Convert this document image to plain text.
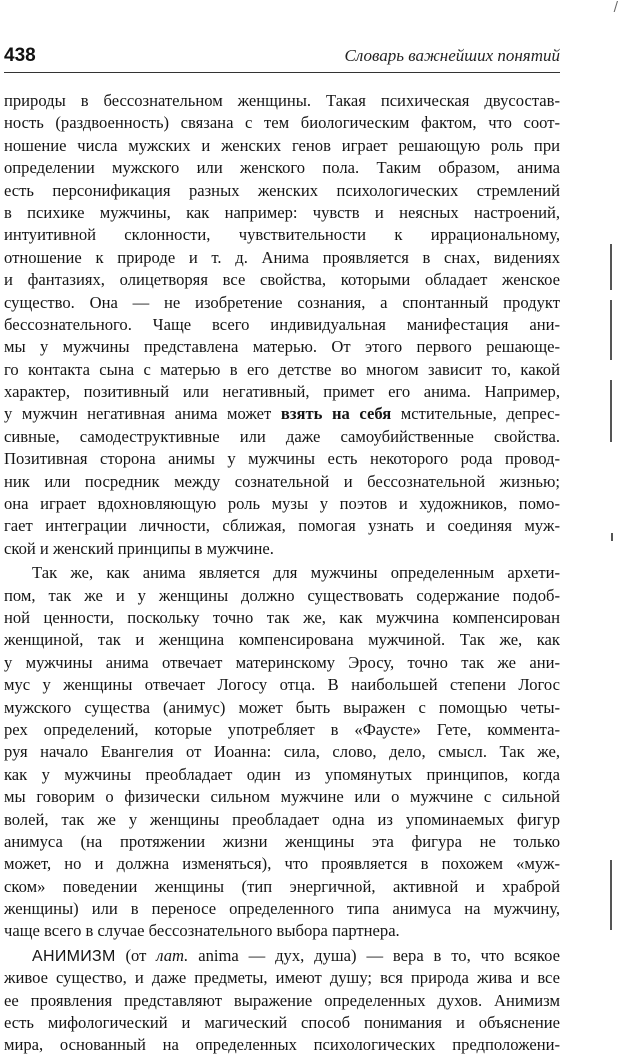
/
438	Словарь важнейших понятий
природы в бессознательном женщины. Такая психическая двусостав-
ность (раздвоенность) связана с тем биологическим фактом, что соот-
ношение числа мужских и женских генов играет решающую роль при
определении мужского или женского пола. Таким образом, анима
есть персонификация разных женских психологических стремлений
в психике мужчины, как например: чувств и неясных настроений,
интуитивной склонности, чувствительности к иррациональному,
отношение к природе и т. д. Анима проявляется в снах, видениях
и фантазиях, олицетворяя все свойства, которыми обладает женское
существо. Она — не изобретение сознания, а спонтанный продукт
бессознательного. Чаще всего индивидуальная манифестация ани-
мы у мужчины представлена матерью. От этого первого решающе-
го контакта сына с матерью в его детстве во многом зависит то, какой
характер, позитивный или негативный, примет его анима. Например,
у мужчин негативная анима может взять на себя мстительные, депрес-
сивные, самодеструктивные или даже самоубийственные свойства.
Позитивная сторона анимы у мужчины есть некоторого рода провод-
ник или посредник между сознательной и бессознательной жизнью;
она играет вдохновляющую роль музы у поэтов и художников, помо-
гает интеграции личности, сближая, помогая узнать и соединяя муж-
ской и женский принципы в мужчине.
Так же, как анима является для мужчины определенным архети-
пом, так же и у женщины должно существовать содержание подоб-
ной ценности, поскольку точно так же, как мужчина компенсирован
женщиной, так и женщина компенсирована мужчиной. Так же, как
у мужчины анима отвечает материнскому Эросу, точно так же ани-
мус у женщины отвечает Логосу отца. В наибольшей степени Логос
мужского существа (анимус) может быть выражен с помощью четы-
рех определений, которые употребляет в «Фаусте» Гете, коммента-
руя начало Евангелия от Иоанна: сила, слово, дело, смысл. Так же,
как у мужчины преобладает один из упомянутых принципов, когда
мы говорим о физически сильном мужчине или о мужчине с сильной
волей, так же у женщины преобладает одна из упоминаемых фигур
анимуса (на протяжении жизни женщины эта фигура не только
может, но и должна изменяться), что проявляется в похожем «муж-
ском» поведении женщины (тип энергичной, активной и храброй
женщины) или в переносе определенного типа анимуса на мужчину,
чаще всего в случае бессознательного выбора партнера.
АНИМИЗМ (от лат. anima — дух, душа) — вера в то, что всякое
живое существо, и даже предметы, имеют душу; вся природа жива и все
ее проявления представляют выражение определенных духов. Анимизм
есть мифологический и магический способ понимания и объяснение
мира, основанный на определенных психологических предположени-
